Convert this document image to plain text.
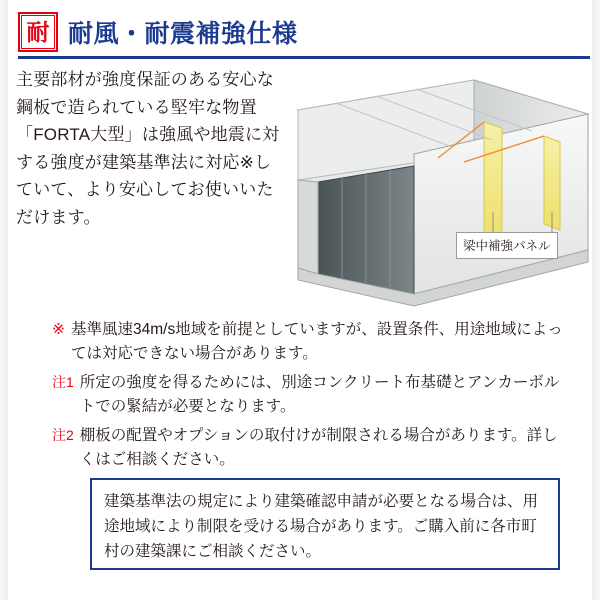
耐 耐風・耐震補強仕様
主要部材が強度保証のある安心な鋼板で造られている堅牢な物置「FORTA大型」は強風や地震に対する強度が建築基準法に対応※していて、より安心してお使いいただけます。
梁中補強パネル
※ 基準風速34m/s地域を前提としていますが、設置条件、用途地域によっては対応できない場合があります。
注1 所定の強度を得るためには、別途コンクリート布基礎とアンカーボルトでの緊結が必要となります。
注2 棚板の配置やオプションの取付けが制限される場合があります。詳しくはご相談ください。
建築基準法の規定により建築確認申請が必要となる場合は、用途地域により制限を受ける場合があります。ご購入前に各市町村の建築課にご相談ください。
